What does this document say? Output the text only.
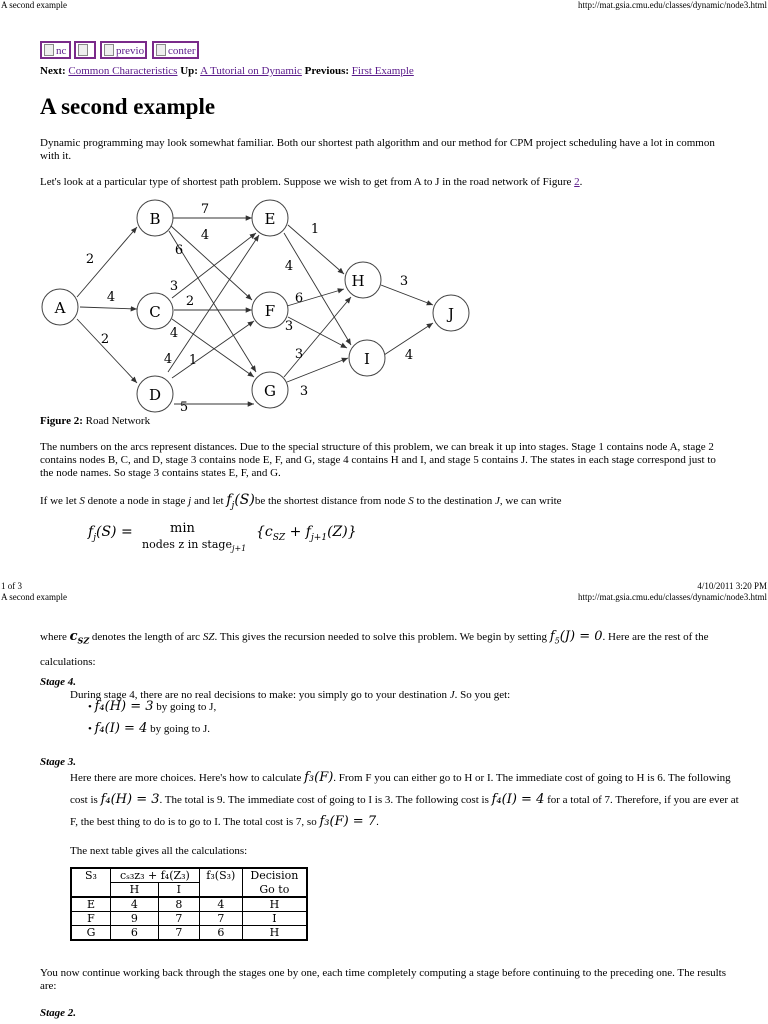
A second example	http://mat.gsia.cmu.edu/classes/dynamic/node3.html
nc	previo	conter
Next: Common Characteristics Up: A Tutorial on Dynamic Previous: First Example
A second example
Dynamic programming may look somewhat familiar. Both our shortest path algorithm and our method for CPM project scheduling have a lot in common with it.
Let's look at a particular type of shortest path problem. Suppose we wish to get from A to J in the road network of Figure 2.
A
B
C
D
E
F
G
H
I
J
2
4
2
7
4
6
3
2
4
4 1
5
1
4
6
3
3
3
3
4
Figure 2: Road Network
The numbers on the arcs represent distances. Due to the special structure of this problem, we can break it up into stages. Stage 1 contains node A, stage 2 contains nodes B, C, and D, stage 3 contains node E, F, and G, stage 4 contains H and I, and stage 5 contains J. The states in each stage correspond just to the node names. So stage 3 contains states E, F, and G.
If we let S denote a node in stage j and let $f_j(S)be$ the shortest distance from node S to the destination J, we can write
$f_j(S)$ =	min
nodes z in stage$_{j+1}$
$\{c_{SZ} + f_{j+1}(Z)\}$
1 of 3	4/10/2011 3:20 PM
A second example	http://mat.gsia.cmu.edu/classes/dynamic/node3.html
where $c_{SZ}$ denotes the length of arc SZ. This gives the recursion needed to solve this problem. We begin by setting $f_5(J) = 0$. Here are the rest of the calculations:
Stage 4.
During stage 4, there are no real decisions to make: you simply go to your destination J. So you get:
• f₄(H) = 3 by going to J,
• f₄(I) = 4 by going to J.
Stage 3.
Here there are more choices. Here's how to calculate f₃(F). From F you can either go to H or I. The immediate cost of going to H is 6. The following cost is f₄(H) = 3. The total is 9. The immediate cost of going to I is 3. The following cost is f₄(I) = 4 for a total of 7. Therefore, if you are ever at F, the best thing to do is to go to I. The total cost is 7, so f₃(F) = 7.
The next table gives all the calculations:
S₃	cₛ₃z₃ + f₄(Z₃)		f₃(S₃)	Decision
	H	I		Go to
E	4	8	4	H
F	9	7	7	I
G	6	7	6	H
You now continue working back through the stages one by one, each time completely computing a stage before continuing to the preceding one. The results are:
Stage 2.
